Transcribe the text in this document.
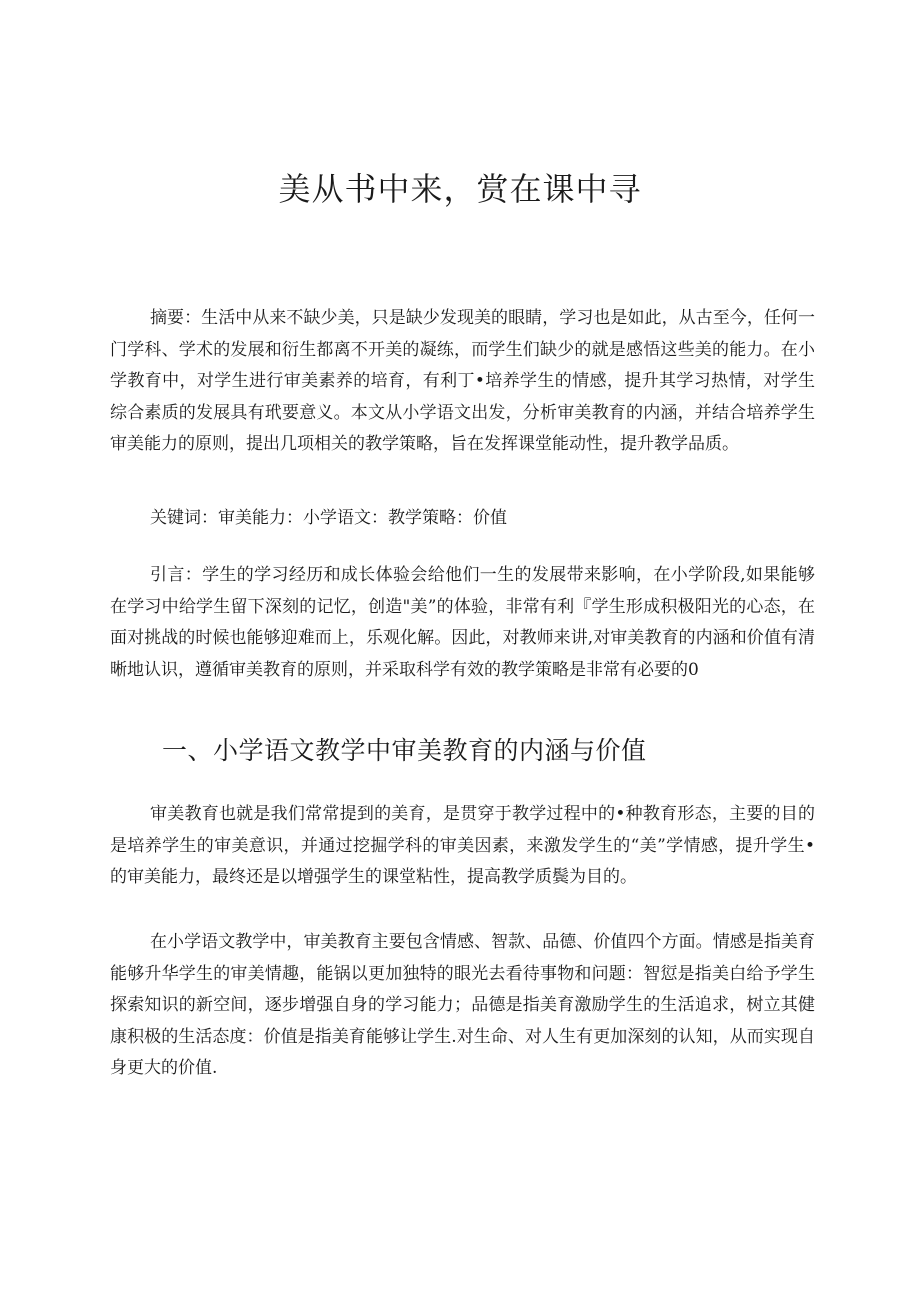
美从书中来，赏在课中寻

摘要：生活中从来不缺少美，只是缺少发现美的眼睛，学习也是如此，从古至今，任何一门学科、学术的发展和衍生都离不开美的凝练，而学生们缺少的就是感悟这些美的能力。在小学教育中，对学生进行审美素养的培育，有利丁•培养学生的情感，提升其学习热情，对学生综合素质的发展具有玳要意义。本文从小学语文出发，分析审美教育的内涵，并结合培养学生审美能力的原则，提出几项相关的教学策略，旨在发挥课堂能动性，提升教学品质。

关键词：审美能力：小学语文：教学策略：价值

引言：学生的学习经历和成长体验会给他们一生的发展带来影响，在小学阶段,如果能够在学习中给学生留下深刻的记忆，创造"美”的体验，非常有利『学生形成积极阳光的心态，在面对挑战的时候也能够迎难而上，乐观化解。因此，对教师来讲,对审美教育的内涵和价值有清晰地认识，遵循审美教育的原则，并采取科学有效的教学策略是非常有必要的0

一、小学语文教学中审美教育的内涵与价值

审美教育也就是我们常常提到的美育，是贯穿于教学过程中的•种教育形态，主要的目的是培养学生的审美意识，并通过挖掘学科的审美因素，来激发学生的“美”学情感，提升学生•的审美能力，最终还是以增强学生的课堂粘性，提高教学质鬓为目的。

在小学语文教学中，审美教育主要包含情感、智款、品德、价值四个方面。情感是指美育能够升华学生的审美情趣，能锅以更加独特的眼光去看待事物和问题：智愆是指美白给予学生探索知识的新空间，逐步增强自身的学习能力；品德是指美育激励学生的生活追求，树立其健康积极的生活态度：价值是指美育能够让学生.对生命、对人生有更加深刻的认知，从而实现自身更大的价值.
